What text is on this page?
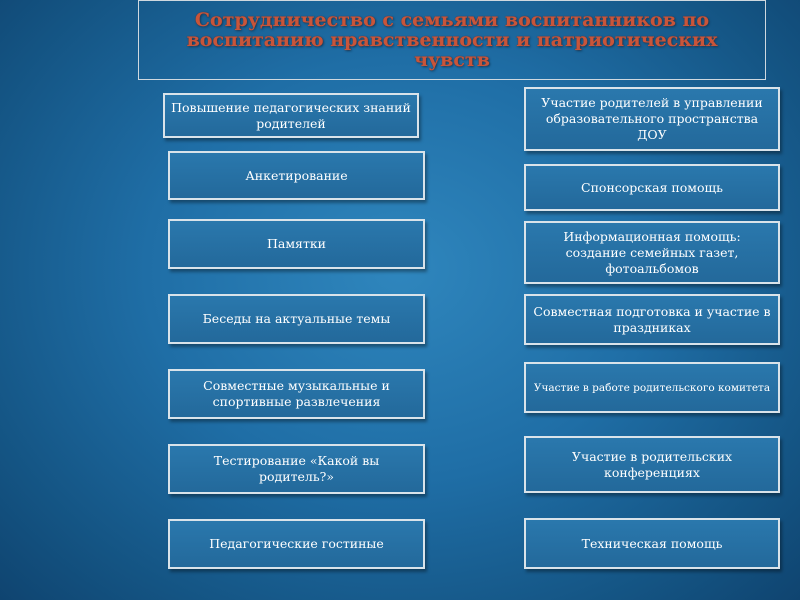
Сотрудничество с семьями воспитанников по воспитанию нравственности и патриотических чувств
Повышение педагогических знаний родителей
Анкетирование
Памятки
Беседы на актуальные темы
Совместные музыкальные и спортивные развлечения
Тестирование «Какой вы родитель?»
Педагогические гостиные
Участие родителей в управлении образовательного пространства ДОУ
Спонсорская помощь
Информационная помощь: создание семейных газет, фотоальбомов
Совместная подготовка и участие в праздниках
Участие в работе родительского комитета
Участие в родительских конференциях
Техническая помощь
